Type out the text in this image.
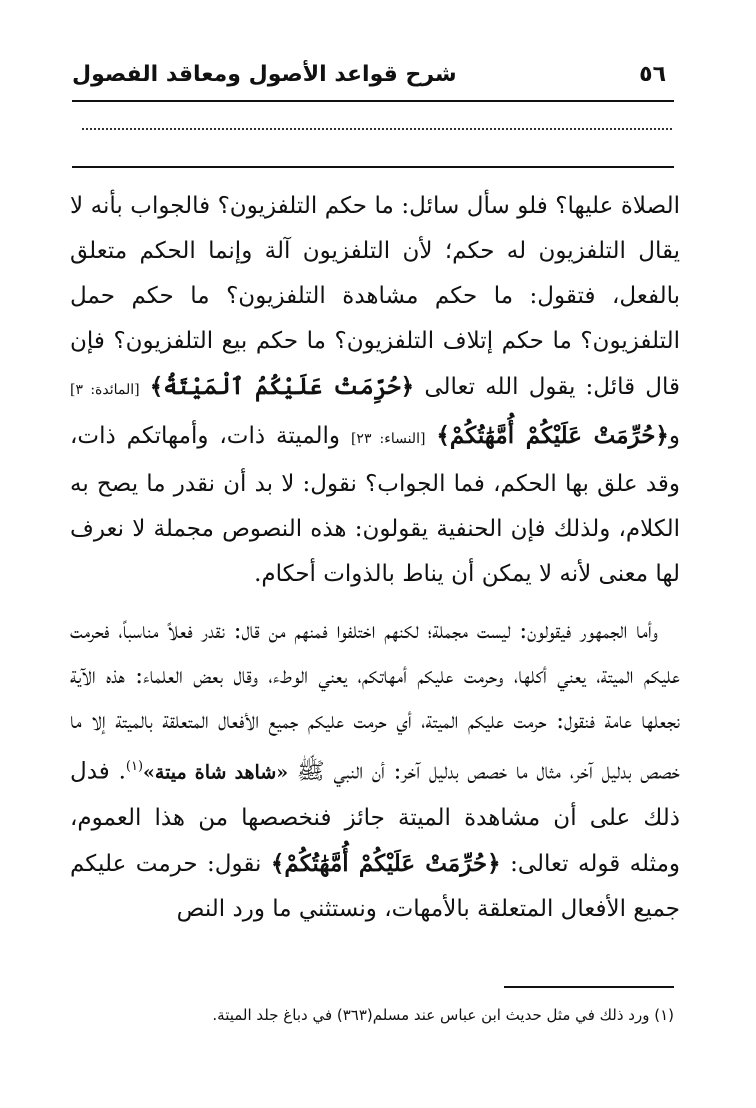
٥٦
شرح قواعد الأصول ومعاقد الفصول

الصلاة عليها؟ فلو سأل سائل: ما حكم التلفزيون؟ فالجواب بأنه لا يقال التلفزيون له حكم؛ لأن التلفزيون آلة وإنما الحكم متعلق بالفعل، فتقول: ما حكم مشاهدة التلفزيون؟ ما حكم حمل التلفزيون؟ ما حكم إتلاف التلفزيون؟ ما حكم بيع التلفزيون؟ فإن قال قائل: يقول الله تعالى ﴿حُرِّمَتْ عَلَيْكُمُ ٱلْمَيْتَةُ﴾ [المائدة: ٣] و﴿حُرِّمَتْ عَلَيْكُمْ أُمَّهَٰتُكُمْ﴾ [النساء: ٢٣] والميتة ذات، وأمهاتكم ذات، وقد علق بها الحكم، فما الجواب؟ نقول: لا بد أن نقدر ما يصح به الكلام، ولذلك فإن الحنفية يقولون: هذه النصوص مجملة لا نعرف لها معنى لأنه لا يمكن أن يناط بالذوات أحكام.

وأما الجمهور فيقولون: ليست مجملة؛ لكنهم اختلفوا فمنهم من قال: نقدر فعلاً مناسباً، فحرمت عليكم الميتة، يعني أكلها، وحرمت عليكم أمهاتكم، يعني الوطء، وقال بعض العلماء: هذه الآية نجعلها عامة فنقول: حرمت عليكم الميتة، أي حرمت عليكم جميع الأفعال المتعلقة بالميتة إلا ما خصص بدليل آخر، مثال ما خصص بدليل آخر: أن النبي ﷺ «شاهد شاة ميتة»$^{(١)}$. فدل ذلك على أن مشاهدة الميتة جائز فنخصصها من هذا العموم، ومثله قوله تعالى: ﴿حُرِّمَتْ عَلَيْكُمْ أُمَّهَٰتُكُمْ﴾ نقول: حرمت عليكم جميع الأفعال المتعلقة بالأمهات، ونستثني ما ورد النص

(١) ورد ذلك في مثل حديث ابن عباس عند مسلم(٣٦٣) في دباغ جلد الميتة.
